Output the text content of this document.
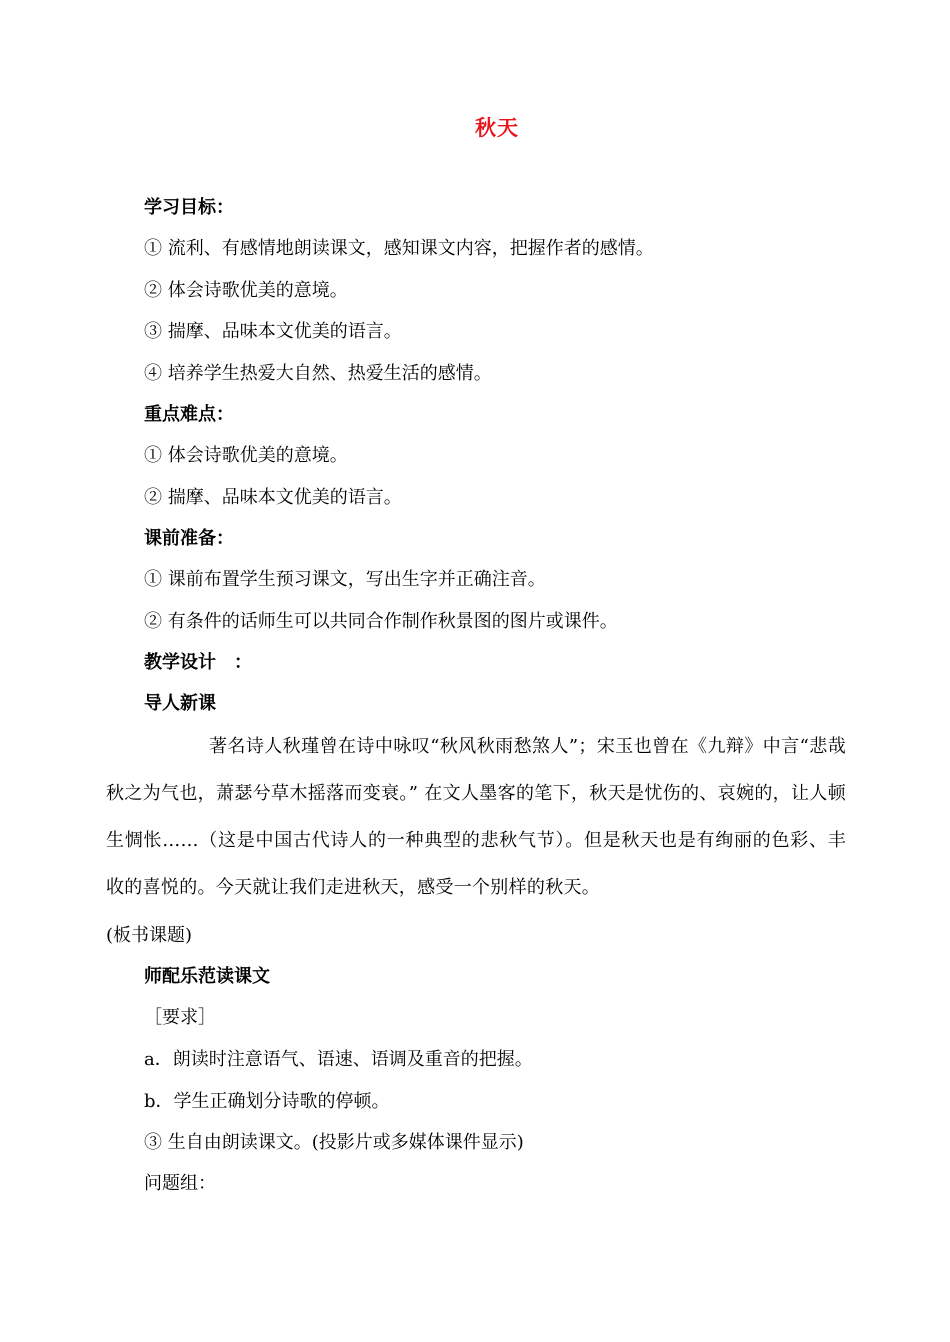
秋天
学习目标：
① 流利、有感情地朗读课文，感知课文内容，把握作者的感情。
② 体会诗歌优美的意境。
③ 揣摩、品味本文优美的语言。
④ 培养学生热爱大自然、热爱生活的感情。
重点难点：
① 体会诗歌优美的意境。
② 揣摩、品味本文优美的语言。
课前准备：
① 课前布置学生预习课文，写出生字并正确注音。
② 有条件的话师生可以共同合作制作秋景图的图片或课件。
教学设计　：
导人新课
著名诗人秋瑾曾在诗中咏叹“秋风秋雨愁煞人”；宋玉也曾在《九辩》中言“悲哉秋之为气也，萧瑟兮草木摇落而变衰。” 在文人墨客的笔下，秋天是忧伤的、哀婉的，让人顿生惆怅……（这是中国古代诗人的一种典型的悲秋气节）。但是秋天也是有绚丽的色彩、丰收的喜悦的。今天就让我们走进秋天，感受一个别样的秋天。
(板书课题)
师配乐范读课文
［要求］
a．朗读时注意语气、语速、语调及重音的把握。
b．学生正确划分诗歌的停顿。
③ 生自由朗读课文。(投影片或多媒体课件显示)
问题组：
